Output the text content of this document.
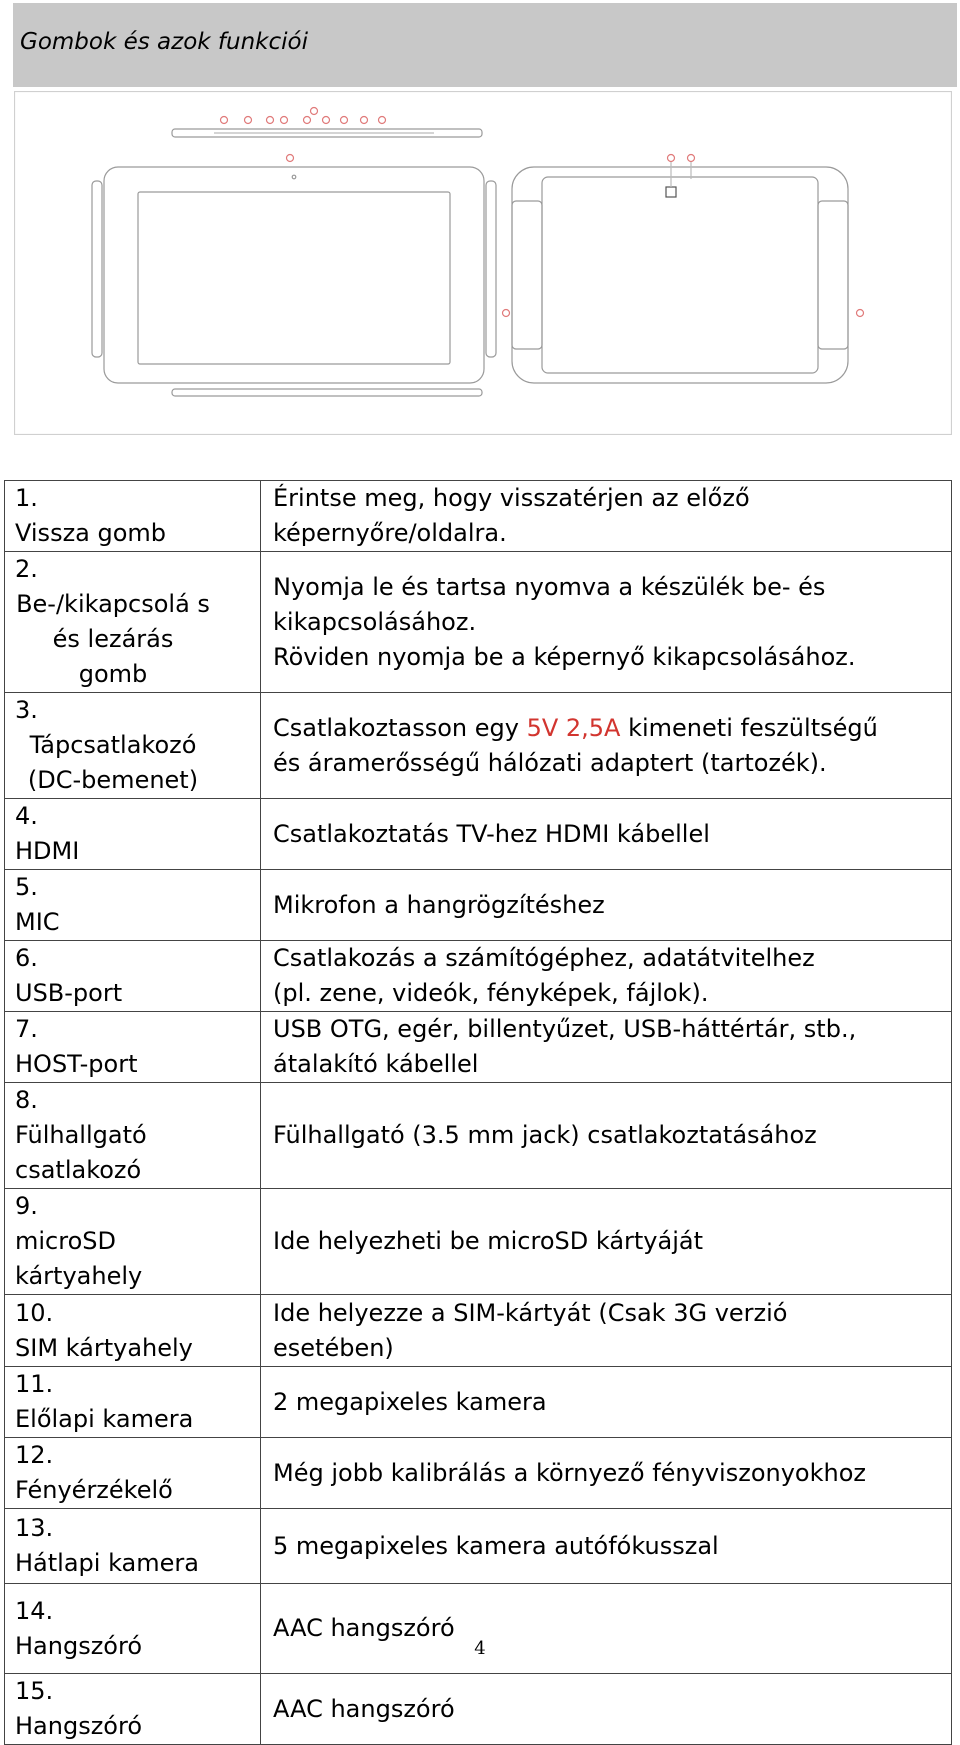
Gombok és azok funkciói
1.Vissza gomb	Érintse meg, hogy visszatérjen az előző
képernyőre/oldalra.

2.Be-/kikapcsolá s és lezárás gomb	Nyomja le és tartsa nyomva a készülék be- és
kikapcsolásához.
Röviden nyomja be a képernyő kikapcsolásához.

3.Tápcsatlakozó (DC-bemenet)	Csatlakoztasson egy 5V 2,5A kimeneti feszültségű
és áramerősségű hálózati adaptert (tartozék).

4.HDMI	Csatlakoztatás TV-hez HDMI kábellel

5.MIC	Mikrofon a hangrögzítéshez

6.USB-port	Csatlakozás a számítógéphez, adatátvitelhez
(pl. zene, videók, fényképek, fájlok).

7.HOST-port	USB OTG, egér, billentyűzet, USB-háttértár, stb.,
átalakító kábellel

8.Fülhallgató csatlakozó	Fülhallgató (3.5 mm jack) csatlakoztatásához

9.microSD kártyahely	Ide helyezheti be microSD kártyáját

10.SIM kártyahely	Ide helyezze a SIM-kártyát (Csak 3G verzió
esetében)

11.Előlapi kamera	2 megapixeles kamera

12.Fényérzékelő	Még jobb kalibrálás a környező fényviszonyokhoz

13.Hátlapi kamera	5 megapixeles kamera autófókusszal

14.Hangszóró	AAC hangszóró

15.Hangszóró	AAC hangszóró
4
